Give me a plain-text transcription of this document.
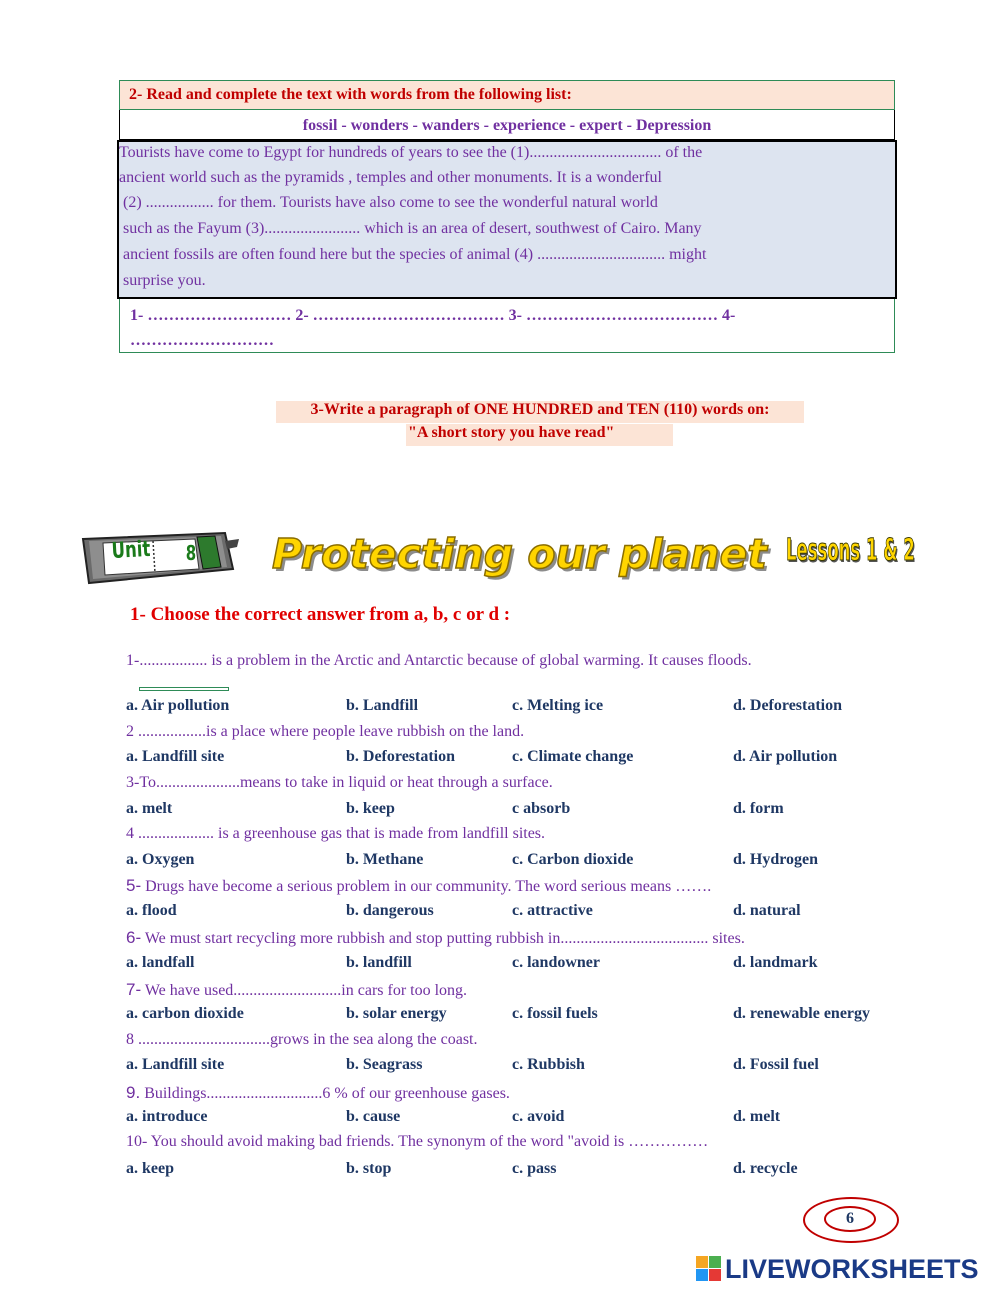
2- Read and complete the text with words from the following list:
fossil - wonders - wanders - experience - expert - Depression
Tourists have come to Egypt for hundreds of years to see the (1)................................. of the
ancient world such as the pyramids , temples and other monuments. It is a wonderful
(2) ................. for them. Tourists have also come to see the wonderful natural world
such as the Fayum (3)........................ which is an area of desert, southwest of Cairo. Many
ancient fossils are often found here but the species of animal (4) ................................ might
surprise you.
1- ……………………… 2- ……………………………… 3- ……………………………… 4-
………………………
3-Write a paragraph of ONE HUNDRED and TEN (110) words on:
"A short story you have read"
Unit 8 Protecting our planet Lessons 1 & 2
1- Choose the correct answer from a, b, c or d :
1-................. is a problem in the Arctic and Antarctic because of global warming. It causes floods.
a. Air pollution	b. Landfill	c. Melting ice	d. Deforestation
2 .................is a place where people leave rubbish on the land.
a. Landfill site	b. Deforestation	c. Climate change	d. Air pollution
3-To.....................means to take in liquid or heat through a surface.
a. melt	b. keep	c absorb	d. form
4 ................... is a greenhouse gas that is made from landfill sites.
a. Oxygen	b. Methane	c. Carbon dioxide	d. Hydrogen
5- Drugs have become a serious problem in our community. The word serious means …….
a. flood	b. dangerous	c. attractive	d. natural
6- We must start recycling more rubbish and stop putting rubbish in..................................... sites.
a. landfall	b. landfill	c. landowner	d. landmark
7- We have used...........................in cars for too long.
a. carbon dioxide	b. solar energy	c. fossil fuels	d. renewable energy
8 .................................grows in the sea along the coast.
a. Landfill site	b. Seagrass	c. Rubbish	d. Fossil fuel
9. Buildings.............................6 % of our greenhouse gases.
a. introduce	b. cause	c. avoid	d. melt
10- You should avoid making bad friends. The synonym of the word "avoid is ……………
a. keep	b. stop	c. pass	d. recycle
6
LIVEWORKSHEETS
